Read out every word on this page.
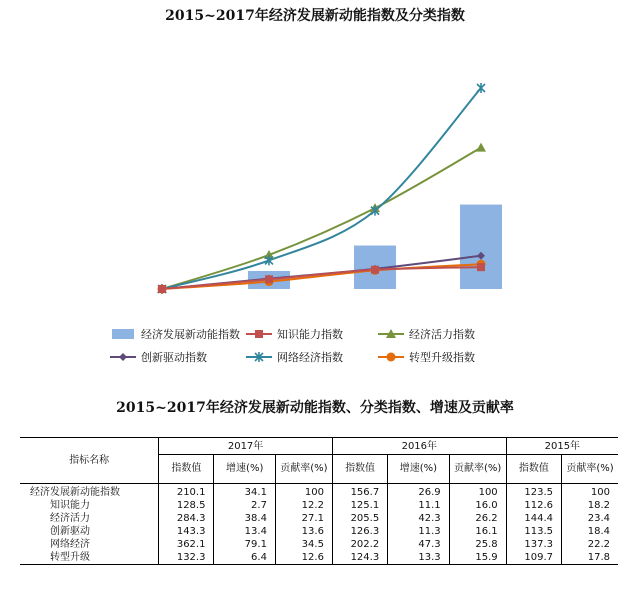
2015~2017年经济发展新动能指数及分类指数
经济发展新动能指数	知识能力指数	经济活力指数
创新驱动指数	网络经济指数	转型升级指数
2015~2017年经济发展新动能指数、分类指数、增速及贡献率
指标名称	2017年			2016年			2015年	
	指数值	增速(%)	贡献率(%)	指数值	增速(%)	贡献率(%)	指数值	贡献率(%)
经济发展新动能指数	210.1	34.1	100	156.7	26.9	100	123.5	100
知识能力	128.5	2.7	12.2	125.1	11.1	16.0	112.6	18.2
经济活力	284.3	38.4	27.1	205.5	42.3	26.2	144.4	23.4
创新驱动	143.3	13.4	13.6	126.3	11.3	16.1	113.5	18.4
网络经济	362.1	79.1	34.5	202.2	47.3	25.8	137.3	22.2
转型升级	132.3	6.4	12.6	124.3	13.3	15.9	109.7	17.8
